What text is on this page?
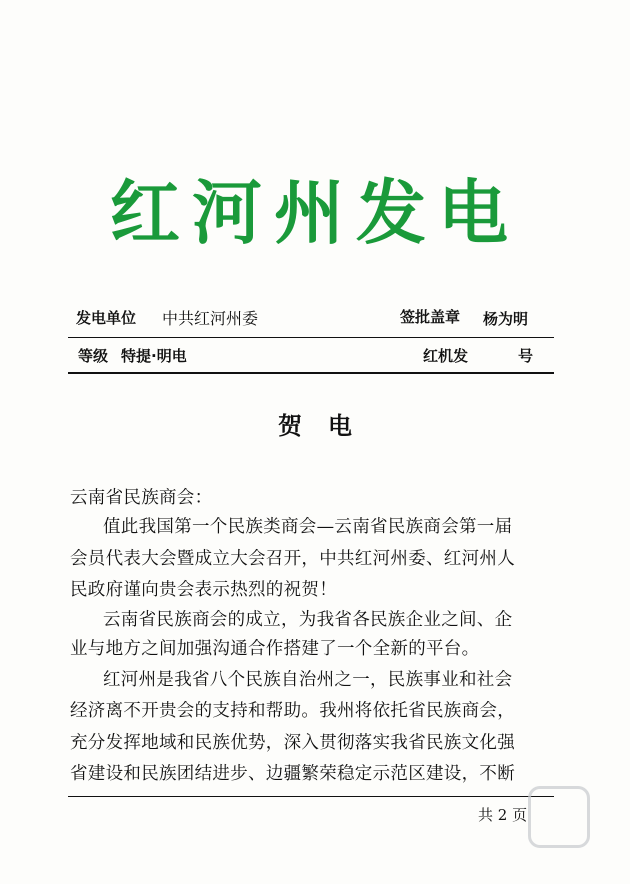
红河州发电
发电单位 中共红河州委	签批盖章 杨为明
等级 特提·明电	红机发	号
贺电
云南省民族商会：
值此我国第一个民族类商会—云南省民族商会第一届
会员代表大会暨成立大会召开，中共红河州委、红河州人
民政府谨向贵会表示热烈的祝贺！
云南省民族商会的成立，为我省各民族企业之间、企
业与地方之间加强沟通合作搭建了一个全新的平台。
红河州是我省八个民族自治州之一，民族事业和社会
经济离不开贵会的支持和帮助。我州将依托省民族商会，
充分发挥地域和民族优势，深入贯彻落实我省民族文化强
省建设和民族团结进步、边疆繁荣稳定示范区建设，不断
共 2 页
